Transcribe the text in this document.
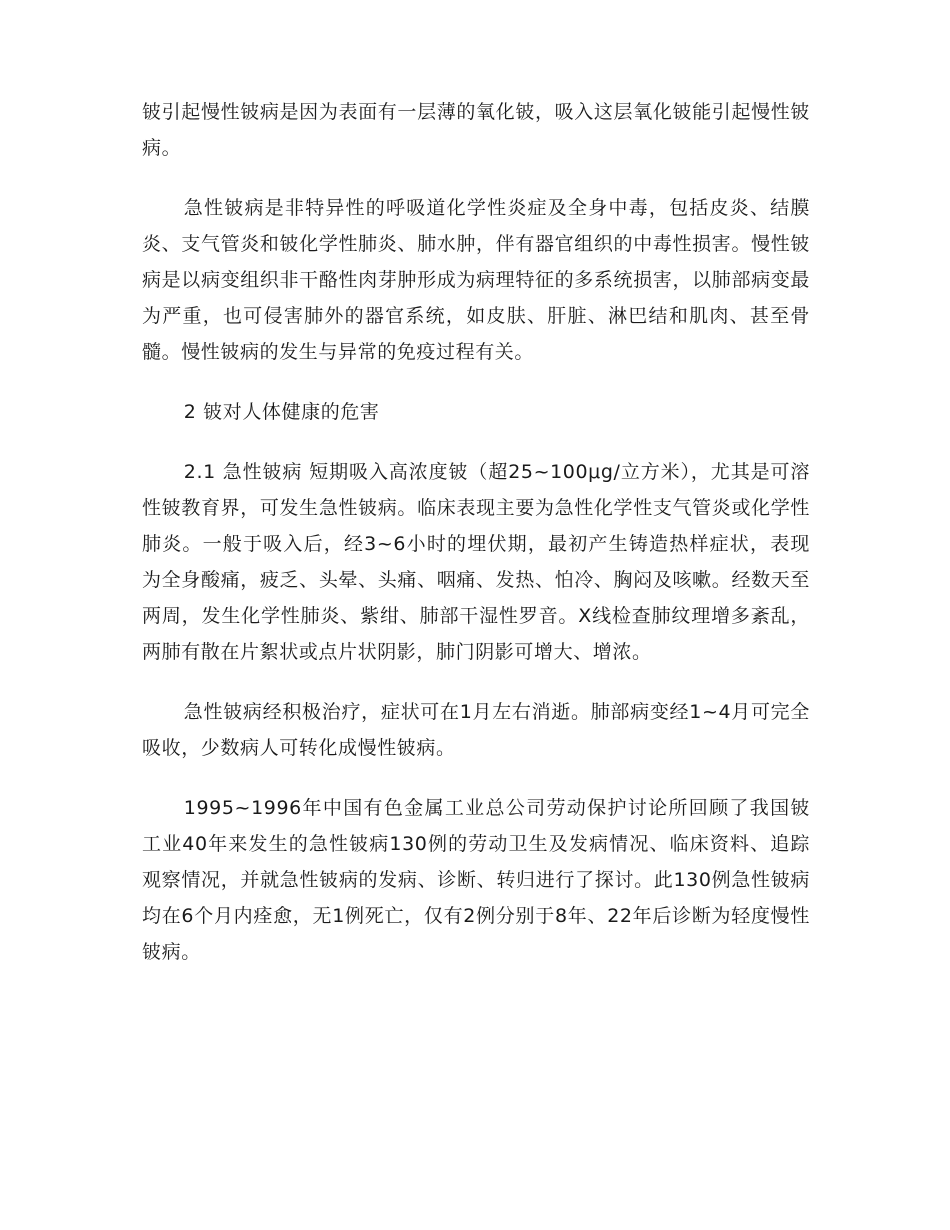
铍引起慢性铍病是因为表面有一层薄的氧化铍，吸入这层氧化铍能引起慢性铍病。

急性铍病是非特异性的呼吸道化学性炎症及全身中毒，包括皮炎、结膜炎、支气管炎和铍化学性肺炎、肺水肿，伴有器官组织的中毒性损害。慢性铍病是以病变组织非干酪性肉芽肿形成为病理特征的多系统损害，以肺部病变最为严重，也可侵害肺外的器官系统，如皮肤、肝脏、淋巴结和肌肉、甚至骨髓。慢性铍病的发生与异常的免疫过程有关。

2 铍对人体健康的危害

2.1 急性铍病 短期吸入高浓度铍（超25~100μg/立方米），尤其是可溶性铍教育界，可发生急性铍病。临床表现主要为急性化学性支气管炎或化学性肺炎。一般于吸入后，经3~6小时的埋伏期，最初产生铸造热样症状，表现为全身酸痛，疲乏、头晕、头痛、咽痛、发热、怕冷、胸闷及咳嗽。经数天至两周，发生化学性肺炎、紫绀、肺部干湿性罗音。X线检查肺纹理增多紊乱，两肺有散在片絮状或点片状阴影，肺门阴影可增大、增浓。

急性铍病经积极治疗，症状可在1月左右消逝。肺部病变经1~4月可完全吸收，少数病人可转化成慢性铍病。

1995~1996年中国有色金属工业总公司劳动保护讨论所回顾了我国铍工业40年来发生的急性铍病130例的劳动卫生及发病情况、临床资料、追踪观察情况，并就急性铍病的发病、诊断、转归进行了探讨。此130例急性铍病均在6个月内痊愈，无1例死亡，仅有2例分别于8年、22年后诊断为轻度慢性铍病。
